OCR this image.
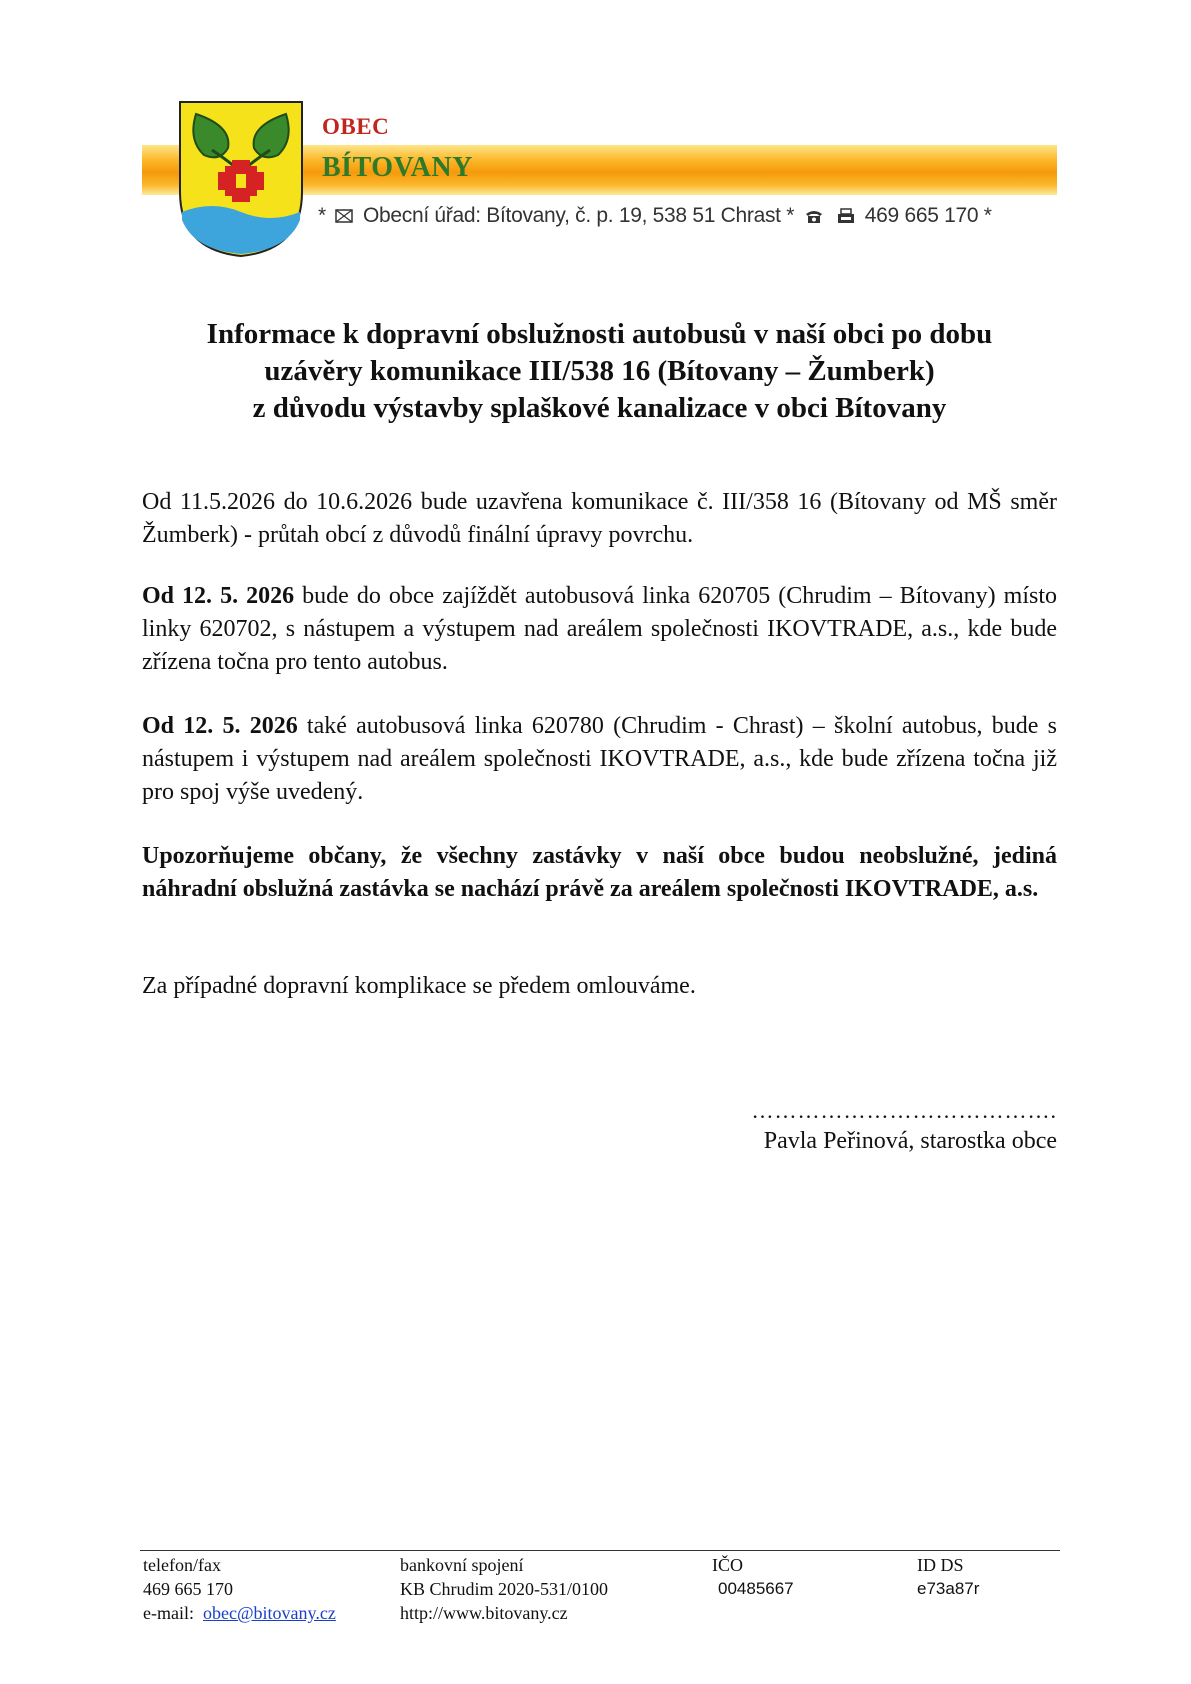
OBEC
BÍTOVANY
* Obecní úřad: Bítovany, č. p. 19, 538 51 Chrast *	469 665 170 *
Informace k dopravní obslužnosti autobusů v naší obci po dobu
uzávěry komunikace III/538 16 (Bítovany – Žumberk)
z důvodu výstavby splaškové kanalizace v obci Bítovany
Od 11.5.2026 do 10.6.2026 bude uzavřena komunikace č. III/358 16 (Bítovany od MŠ směr Žumberk) - průtah obcí z důvodů finální úpravy povrchu.
Od 12. 5. 2026 bude do obce zajíždět autobusová linka 620705 (Chrudim – Bítovany) místo linky 620702, s nástupem a výstupem nad areálem společnosti IKOVTRADE, a.s., kde bude zřízena točna pro tento autobus.
Od 12. 5. 2026 také autobusová linka 620780 (Chrudim - Chrast) – školní autobus, bude s nástupem i výstupem nad areálem společnosti IKOVTRADE, a.s., kde bude zřízena točna již pro spoj výše uvedený.
Upozorňujeme občany, že všechny zastávky v naší obce budou neobslužné, jediná náhradní obslužná zastávka se nachází právě za areálem společnosti IKOVTRADE, a.s.
Za případné dopravní komplikace se předem omlouváme.
………………………………….
Pavla Peřinová, starostka obce
telefon/fax
469 665 170
e-mail: obec@bitovany.cz
bankovní spojení
KB Chrudim 2020-531/0100
http://www.bitovany.cz
IČO
00485667
ID DS
e73a87r
